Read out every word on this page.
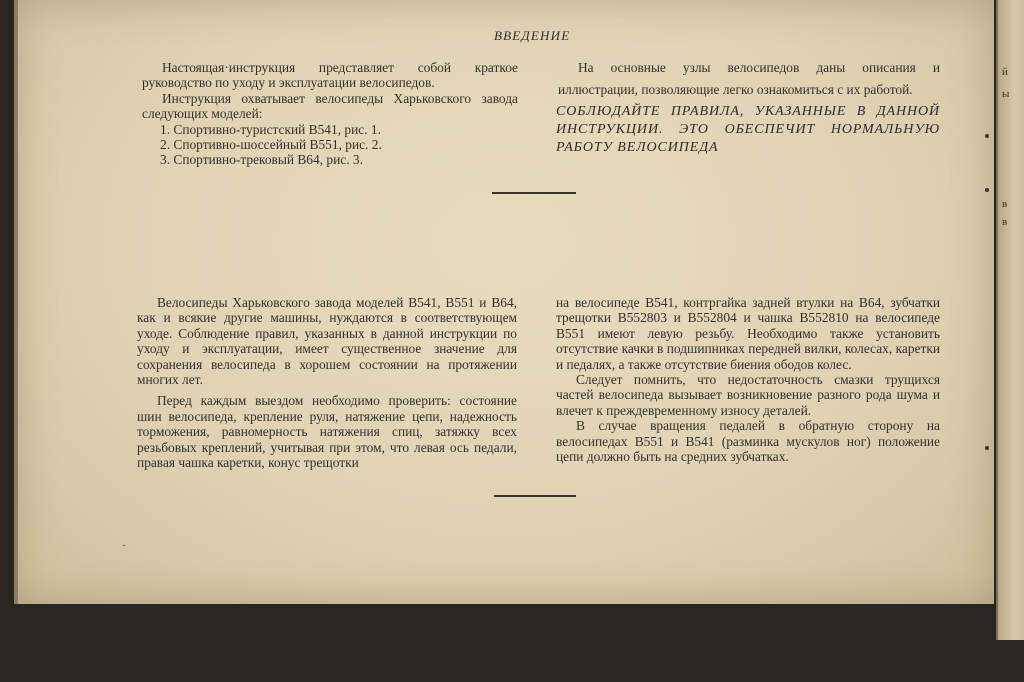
й
ы
в
в
ВВЕДЕНИЕ

Настоящая·инструкция представляет собой краткое руководство по уходу и эксплуатации велосипедов.

Инструкция охватывает велосипеды Харьковского завода следующих моделей:

1. Спортивно-туристский В541, рис. 1.
2. Спортивно-шоссейный В551, рис. 2.
3. Спортивно-трековый В64, рис. 3.

На основные узлы велосипедов даны описания и иллюстрации, позволяющие легко ознакомиться с их работой.

СОБЛЮДАЙТЕ ПРАВИЛА, УКАЗАННЫЕ В ДАННОЙ ИНСТРУКЦИИ. ЭТО ОБЕСПЕЧИТ НОРМАЛЬНУЮ РАБОТУ ВЕЛОСИПЕДА

Велосипеды Харьковского завода моделей В541, В551 и В64, как и всякие другие машины, нуждаются в соответствующем уходе. Соблюдение правил, указанных в данной инструкции по уходу и эксплуатации, имеет существенное значение для сохранения велосипеда в хорошем состоянии на протяжении многих лет.

Перед каждым выездом необходимо проверить: состояние шин велосипеда, крепление руля, натяжение цепи, надежность торможения, равномерность натяжения спиц, затяжку всех резьбовых креплений, учитывая при этом, что левая ось педали, правая чашка каретки, конус трещотки

на велосипеде В541, контргайка задней втулки на В64, зубчатки трещотки В552803 и В552804 и чашка В552810 на велосипеде В551 имеют левую резьбу. Необходимо также установить отсутствие качки в подшипниках передней вилки, колесах, каретки и педалях, а также отсутствие биения ободов колес.

Следует помнить, что недостаточность смазки трущихся частей велосипеда вызывает возникновение разного рода шума и влечет к преждевременному износу деталей.

В случае вращения педалей в обратную сторону на велосипедах В551 и В541 (разминка мускулов ног) положение цепи должно быть на средних зубчатках.

·
